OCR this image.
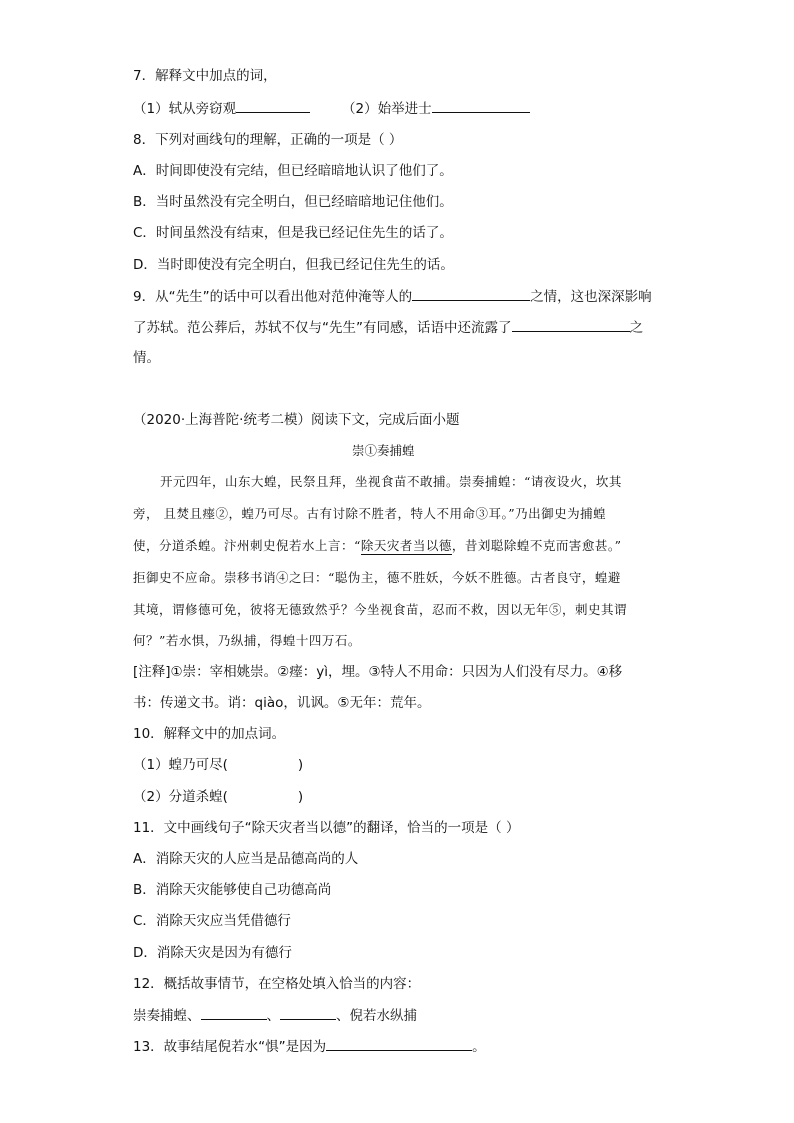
7．解释文中加点的词，
（1）轼从旁窃观	（2）始举进士
8．下列对画线句的理解，正确的一项是（ ）
A．时间即使没有完结，但已经暗暗地认识了他们了。
B．当时虽然没有完全明白，但已经暗暗地记住他们。
C．时间虽然没有结束，但是我已经记住先生的话了。
D．当时即使没有完全明白，但我已经记住先生的话。
9．从“先生”的话中可以看出他对范仲淹等人的	之情，这也深深影响
了苏轼。范公葬后，苏轼不仅与“先生”有同感，话语中还流露了	之
情。
（2020·上海普陀·统考二模）阅读下文，完成后面小题
崇①奏捕蝗
开元四年，山东大蝗，民祭且拜，坐视食苗不敢捕。崇奏捕蝗：“请夜设火，坎其
旁， 且焚且瘗②，蝗乃可尽。古有讨除不胜者，特人不用命③耳。”乃出御史为捕蝗
使，分道杀蝗。汴州刺史倪若水上言：“除天灾者当以德，昔刘聪除蝗不克而害愈甚。”
拒御史不应命。崇移书诮④之曰：“聪伪主，德不胜妖，今妖不胜德。古者良守，蝗避
其境，谓修德可免，彼将无德致然乎？今坐视食苗，忍而不救，因以无年⑤，刺史其谓
何？”若水惧，乃纵捕，得蝗十四万石。
[注释]①崇：宰相姚崇。②瘗：yì，埋。③特人不用命：只因为人们没有尽力。④移
书：传递文书。诮：qiào，讥讽。⑤无年：荒年。
10．解释文中的加点词。
（1）蝗乃可尽(	)
（2）分道杀蝗(	)
11．文中画线句子“除天灾者当以德”的翻译，恰当的一项是（ ）
A．消除天灾的人应当是品德高尚的人
B．消除天灾能够使自己功德高尚
C．消除天灾应当凭借德行
D．消除天灾是因为有德行
12．概括故事情节，在空格处填入恰当的内容：
崇奏捕蝗、	、	、倪若水纵捕
13．故事结尾倪若水“惧”是因为	。
